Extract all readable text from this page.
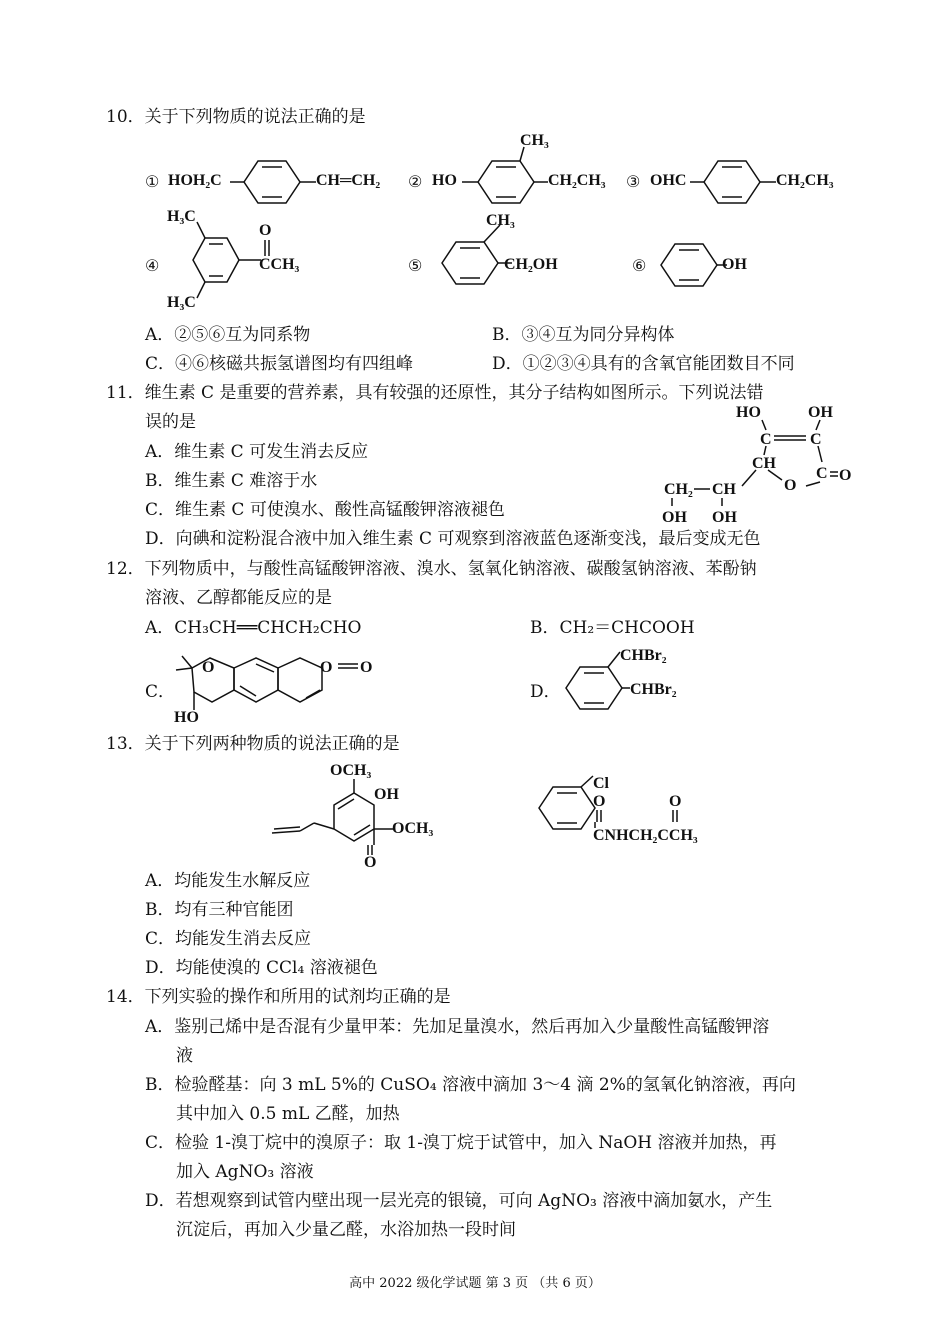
10．关于下列物质的说法正确的是
① HOH₂C	CH═CH₂ ② HO
CH₃
CH₂CH₃ ③ OHC	CH₂CH₃
④
H₃C
H₃C
O
CCH₃	⑤
CH₃
CH₂OH	⑥	OH
A．②⑤⑥互为同系物	B．③④互为同分异构体
C．④⑥核磁共振氢谱图均有四组峰	D．①②③④具有的含氧官能团数目不同
11．维生素 C 是重要的营养素，具有较强的还原性，其分子结构如图所示。下列说法错
误的是
A．维生素 C 可发生消去反应
B．维生素 C 难溶于水
C．维生素 C 可使溴水、酸性高锰酸钾溶液褪色
D．向碘和淀粉混合液中加入维生素 C 可观察到溶液蓝色逐渐变浅，最后变成无色
HO	OH
C C
CH
C O
O
CH₂ CH
OH OH
12．下列物质中，与酸性高锰酸钾溶液、溴水、氢氧化钠溶液、碳酸氢钠溶液、苯酚钠
溶液、乙醇都能反应的是
A．CH₃CH══CHCH₂CHO	B．CH₂＝CHCOOH
C．	D．
O	O O
HO
CHBr₂
CHBr₂
13．关于下列两种物质的说法正确的是
OCH₃
OH
OCH₃
O
Cl
O
CNHCH₂CCH₃
O
A．均能发生水解反应
B．均有三种官能团
C．均能发生消去反应
D．均能使溴的 CCl₄ 溶液褪色
14．下列实验的操作和所用的试剂均正确的是
A．鉴别己烯中是否混有少量甲苯：先加足量溴水，然后再加入少量酸性高锰酸钾溶
液
B．检验醛基：向 3 mL 5%的 CuSO₄ 溶液中滴加 3～4 滴 2%的氢氧化钠溶液，再向
其中加入 0.5 mL 乙醛，加热
C．检验 1-溴丁烷中的溴原子：取 1-溴丁烷于试管中，加入 NaOH 溶液并加热，再
加入 AgNO₃ 溶液
D．若想观察到试管内壁出现一层光亮的银镜，可向 AgNO₃ 溶液中滴加氨水，产生
沉淀后，再加入少量乙醛，水浴加热一段时间
高中 2022 级化学试题 第 3 页 （共 6 页）
